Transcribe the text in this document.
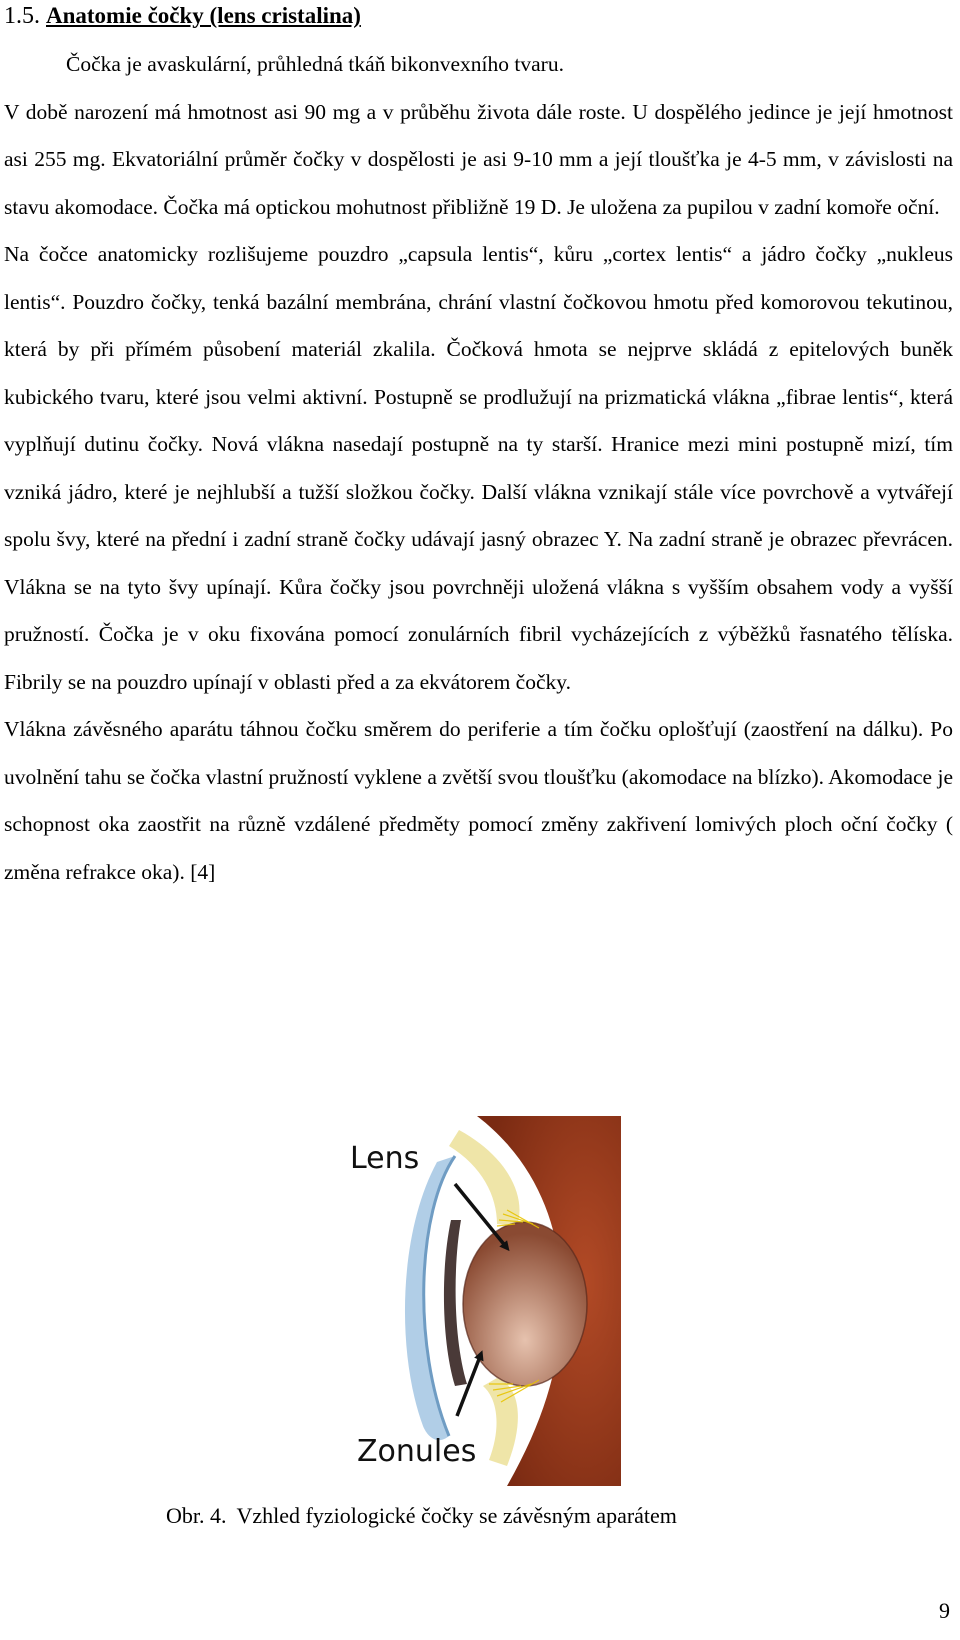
1.5. Anatomie čočky (lens cristalina)

Čočka je avaskulární, průhledná tkáň bikonvexního tvaru.

V době narození má hmotnost asi 90 mg a v průběhu života dále roste. U dospělého jedince je její hmotnost asi 255 mg. Ekvatoriální průměr čočky v dospělosti je asi 9-10 mm a její tloušťka je 4-5 mm, v závislosti na stavu akomodace. Čočka má optickou mohutnost přibližně 19 D. Je uložena za pupilou v zadní komoře oční.

Na čočce anatomicky rozlišujeme pouzdro „capsula lentis“, kůru „cortex lentis“ a jádro čočky „nukleus lentis“. Pouzdro čočky, tenká bazální membrána, chrání vlastní čočkovou hmotu před komorovou tekutinou, která by při přímém působení materiál zkalila. Čočková hmota se nejprve skládá z epitelových buněk kubického tvaru, které jsou velmi aktivní. Postupně se prodlužují na prizmatická vlákna „fibrae lentis“, která vyplňují dutinu čočky. Nová vlákna nasedají postupně na ty starší. Hranice mezi mini postupně mizí, tím vzniká jádro, které je nejhlubší a tužší složkou čočky. Další vlákna vznikají stále více povrchově a vytvářejí spolu švy, které na přední i zadní straně čočky udávají jasný obrazec Y. Na zadní straně je obrazec převrácen. Vlákna se na tyto švy upínají. Kůra čočky jsou povrchněji uložená vlákna s vyšším obsahem vody a vyšší pružností. Čočka je v oku fixována pomocí zonulárních fibril vycházejících z výběžků řasnatého tělíska. Fibrily se na pouzdro upínají v oblasti před a za ekvátorem čočky.

Vlákna závěsného aparátu táhnou čočku směrem do periferie a tím čočku oplošťují (zaostření na dálku). Po uvolnění tahu se čočka vlastní pružností vyklene a zvětší svou tloušťku (akomodace na blízko). Akomodace je schopnost oka zaostřit na různě vzdálené předměty pomocí změny zakřivení lomivých ploch oční čočky ( změna refrakce oka). [4]

Lens
Zonules
Obr. 4. Vzhled fyziologické čočky se závěsným aparátem
9
